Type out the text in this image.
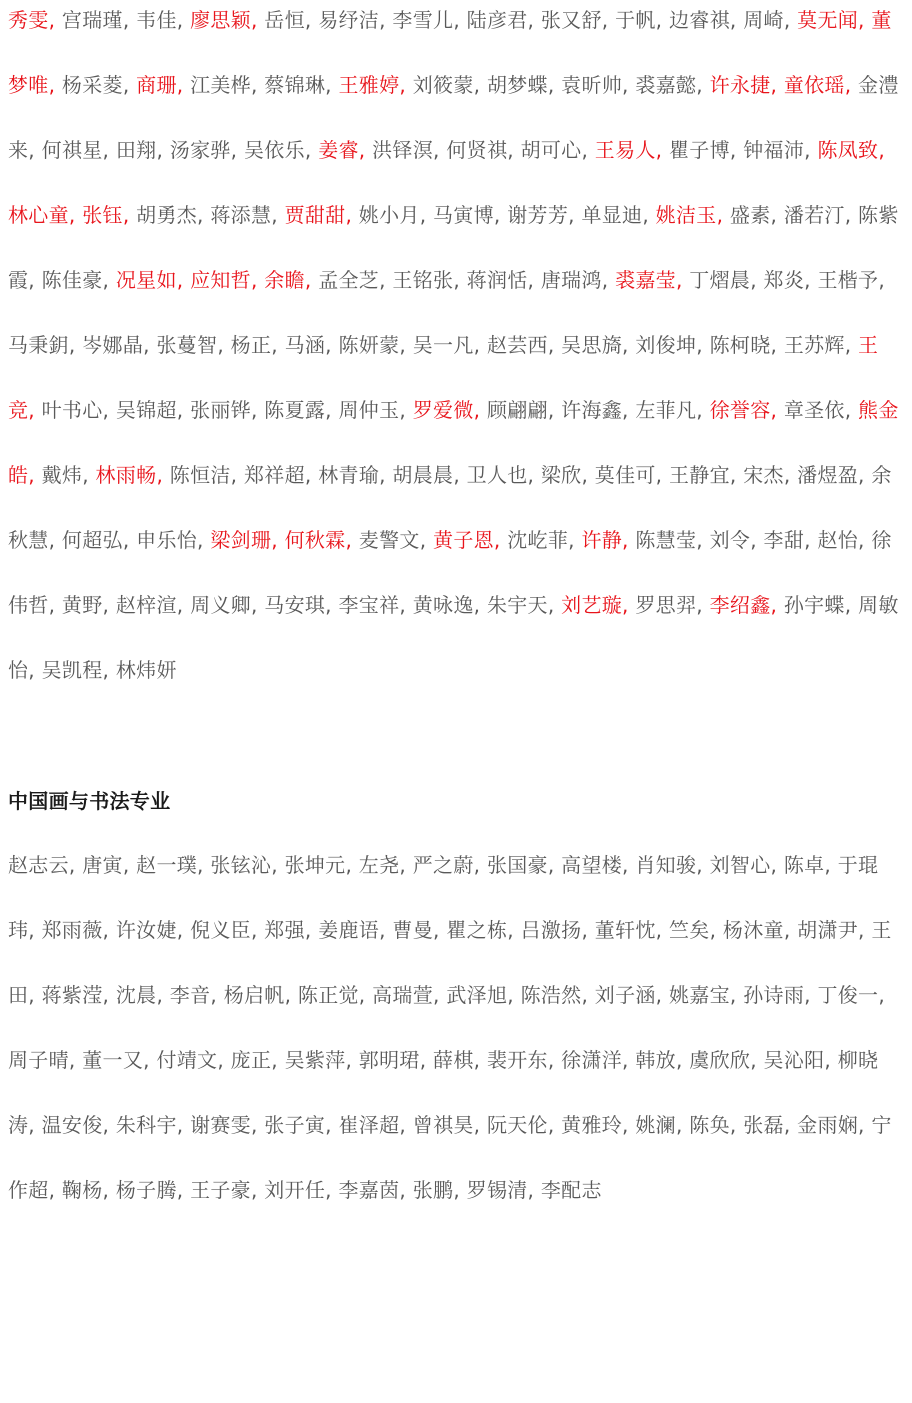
秀雯, 宫瑞瑾, 韦佳, 廖思颖, 岳恒, 易纾洁, 李雪儿, 陆彦君, 张又舒, 于帆, 边睿祺, 周崎, 莫无闻, 董梦唯, 杨采菱, 商珊, 江美桦, 蔡锦琳, 王雅婷, 刘筱蒙, 胡梦蝶, 袁昕帅, 裘嘉懿, 许永捷, 童依瑶, 金澧来, 何祺星, 田翔, 汤家骅, 吴依乐, 姜睿, 洪铎溟, 何贤祺, 胡可心, 王易人, 瞿子博, 钟福沛, 陈凤致, 林心童, 张钰, 胡勇杰, 蒋添慧, 贾甜甜, 姚小月, 马寅博, 谢芳芳, 单显迪, 姚洁玉, 盛素, 潘若汀, 陈紫霞, 陈佳豪, 况星如, 应知哲, 余瞻, 孟全芝, 王铭张, 蒋润恬, 唐瑞鸿, 裘嘉莹, 丁熠晨, 郑炎, 王楷予, 马秉鈅, 岑娜晶, 张蔓智, 杨正, 马涵, 陈妍蒙, 吴一凡, 赵芸西, 吴思旖, 刘俊坤, 陈柯晓, 王苏辉, 王竞, 叶书心, 吴锦超, 张丽铧, 陈夏露, 周仲玉, 罗爱微, 顾翩翩, 许海鑫, 左菲凡, 徐誉容, 章圣依, 熊金皓, 戴炜, 林雨畅, 陈恒洁, 郑祥超, 林青瑜, 胡晨晨, 卫人也, 梁欣, 莫佳可, 王静宜, 宋杰, 潘煜盈, 余秋慧, 何超弘, 申乐怡, 梁剑珊, 何秋霖, 麦警文, 黄子恩, 沈屹菲, 许静, 陈慧莹, 刘令, 李甜, 赵怡, 徐伟哲, 黄野, 赵梓渲, 周义卿, 马安琪, 李宝祥, 黄咏逸, 朱宇天, 刘艺璇, 罗思羿, 李绍鑫, 孙宇蝶, 周敏怡, 吴凯程, 林炜妍

中国画与书法专业

赵志云, 唐寅, 赵一璞, 张铉沁, 张坤元, 左尧, 严之蔚, 张国豪, 高望楼, 肖知骏, 刘智心, 陈卓, 于琨玮, 郑雨薇, 许汝婕, 倪义臣, 郑强, 姜鹿语, 曹曼, 瞿之栋, 吕激扬, 董轩忱, 竺矣, 杨沐童, 胡潇尹, 王田, 蒋紫滢, 沈晨, 李音, 杨启帆, 陈正觉, 高瑞萱, 武泽旭, 陈浩然, 刘子涵, 姚嘉宝, 孙诗雨, 丁俊一, 周子晴, 董一又, 付靖文, 庞正, 吴紫萍, 郭明珺, 薛棋, 裴开东, 徐潇洋, 韩放, 虞欣欣, 吴沁阳, 柳晓涛, 温安俊, 朱科宇, 谢赛雯, 张子寅, 崔泽超, 曾祺昊, 阮天伦, 黄雅玲, 姚澜, 陈奂, 张磊, 金雨娴, 宁作超, 鞠杨, 杨子腾, 王子豪, 刘开任, 李嘉茵, 张鹏, 罗锡清, 李配志
